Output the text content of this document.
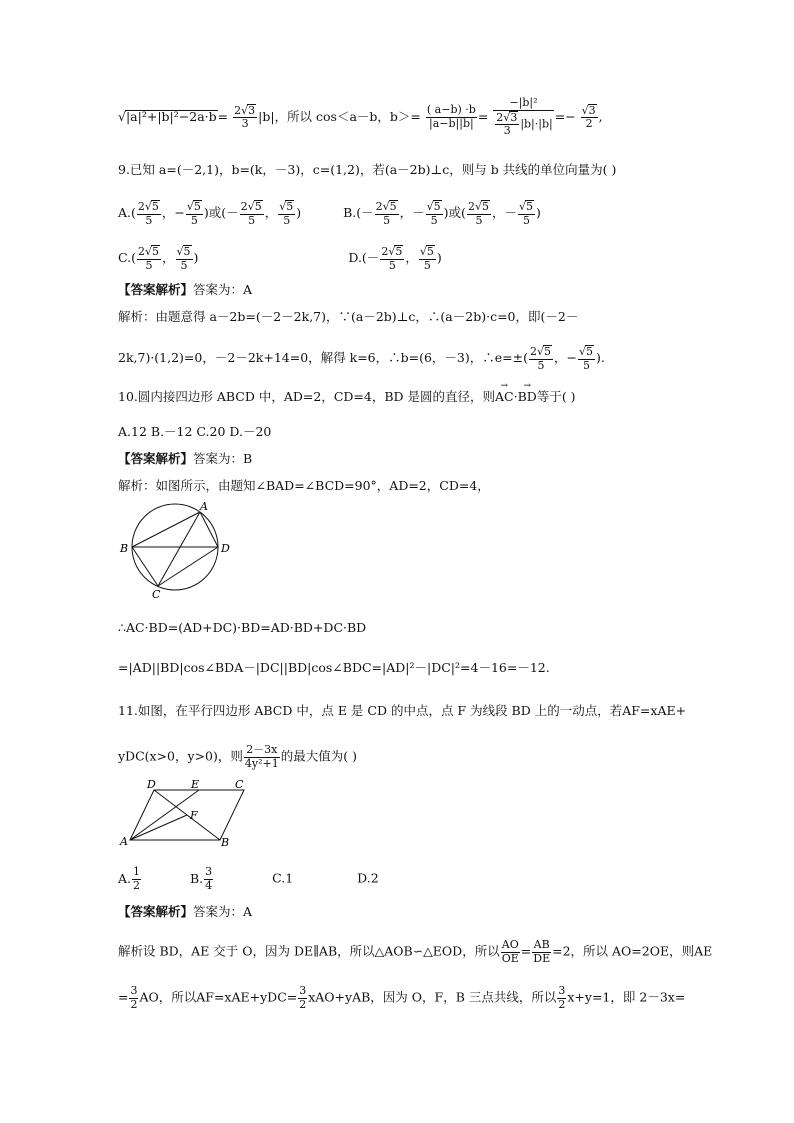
$√|a|^2+|b|^2-2a\cdot b= \frac{2√3}{3} |b|$，所以 cos＜a－b，$b>= \frac{( a-b) \cdot b}{|a-b||b|} = \frac{\text{−|b|²}}{\frac{2√3}{3} |b|\cdot|b|} =- \frac{√3}{2}$ ,
9.已知 a=(－2,1)，b=(k，－3)，c=(1,2)，若(a－2b)⊥c，则与 b 共线的单位向量为( )
$A.( \frac{2√5}{5}$ ，− $\frac{√5}{5}$ )或(－ $\frac{2√5}{5}$ ， $\frac{√5}{5}$ )	$B.(- \frac{2√5}{5}$ ，－ $\frac{√5}{5}$ )或( $\frac{2√5}{5}$ ，－ $\frac{√5}{5}$ )
$C.( \frac{2√5}{5}$ ， $\frac{√5}{5}$ )	$D.(- \frac{2√5}{5}$ ， $\frac{√5}{5}$ )
【答案解析】答案为：A
解析：由题意得 a－2b=(－2－2k,7)，∵(a－2b)⊥c，∴(a－2b)·c=0，即(－2－
2k,7)·(1,2)=0，－2－2k+14=0，解得 k=6，∴b=(6，－3)，∴e=±( $\frac{2√5}{5}$ ，− $\frac{√5}{5}$ ).
10.圆内接四边形 ABCD 中，AD=2，CD=4，BD 是圆的直径，则→ AC·→ BD等于( )
A.12 B.－12 C.20 D.－20
【答案解析】答案为：B
解析：如图所示，由题知∠BAD=∠BCD=90°，AD=2，CD=4，
A
B
C
D
∴AC·BD=(AD+DC)·BD=AD·BD+DC·BD
=|AD||BD|cos∠BDA－|DC||BD|cos∠BDC=|AD|²－|DC|²=4－16=－12.
11.如图，在平行四边形 ABCD 中，点 E 是 CD 的中点，点 F 为线段 BD 上的一动点，若AF=xAE+
yDC(x>0，y>0)，则 $\frac{2-3x}{\text{4y²+1}}$ 的最大值为( )
A	B
C
D	E
F
A. $\frac{1}{2}$	B. $\frac{3}{4}$	C.1	D.2
【答案解析】答案为：A
解析设 BD，AE 交于 O，因为 DE∥AB，所以△AOB∽△EOD，所以 $\frac{AO}{OE} = \frac{AB}{DE} =2$，所以 AO=2OE，则AE
= $\frac{3}{2}$ AO，所以$AF=xAE+yDC= \frac{3}{2} xAO+yAB$，因为 O，F，B 三点共线，所以 $\frac{3}{2} x+y=1$，即 2－3x=
